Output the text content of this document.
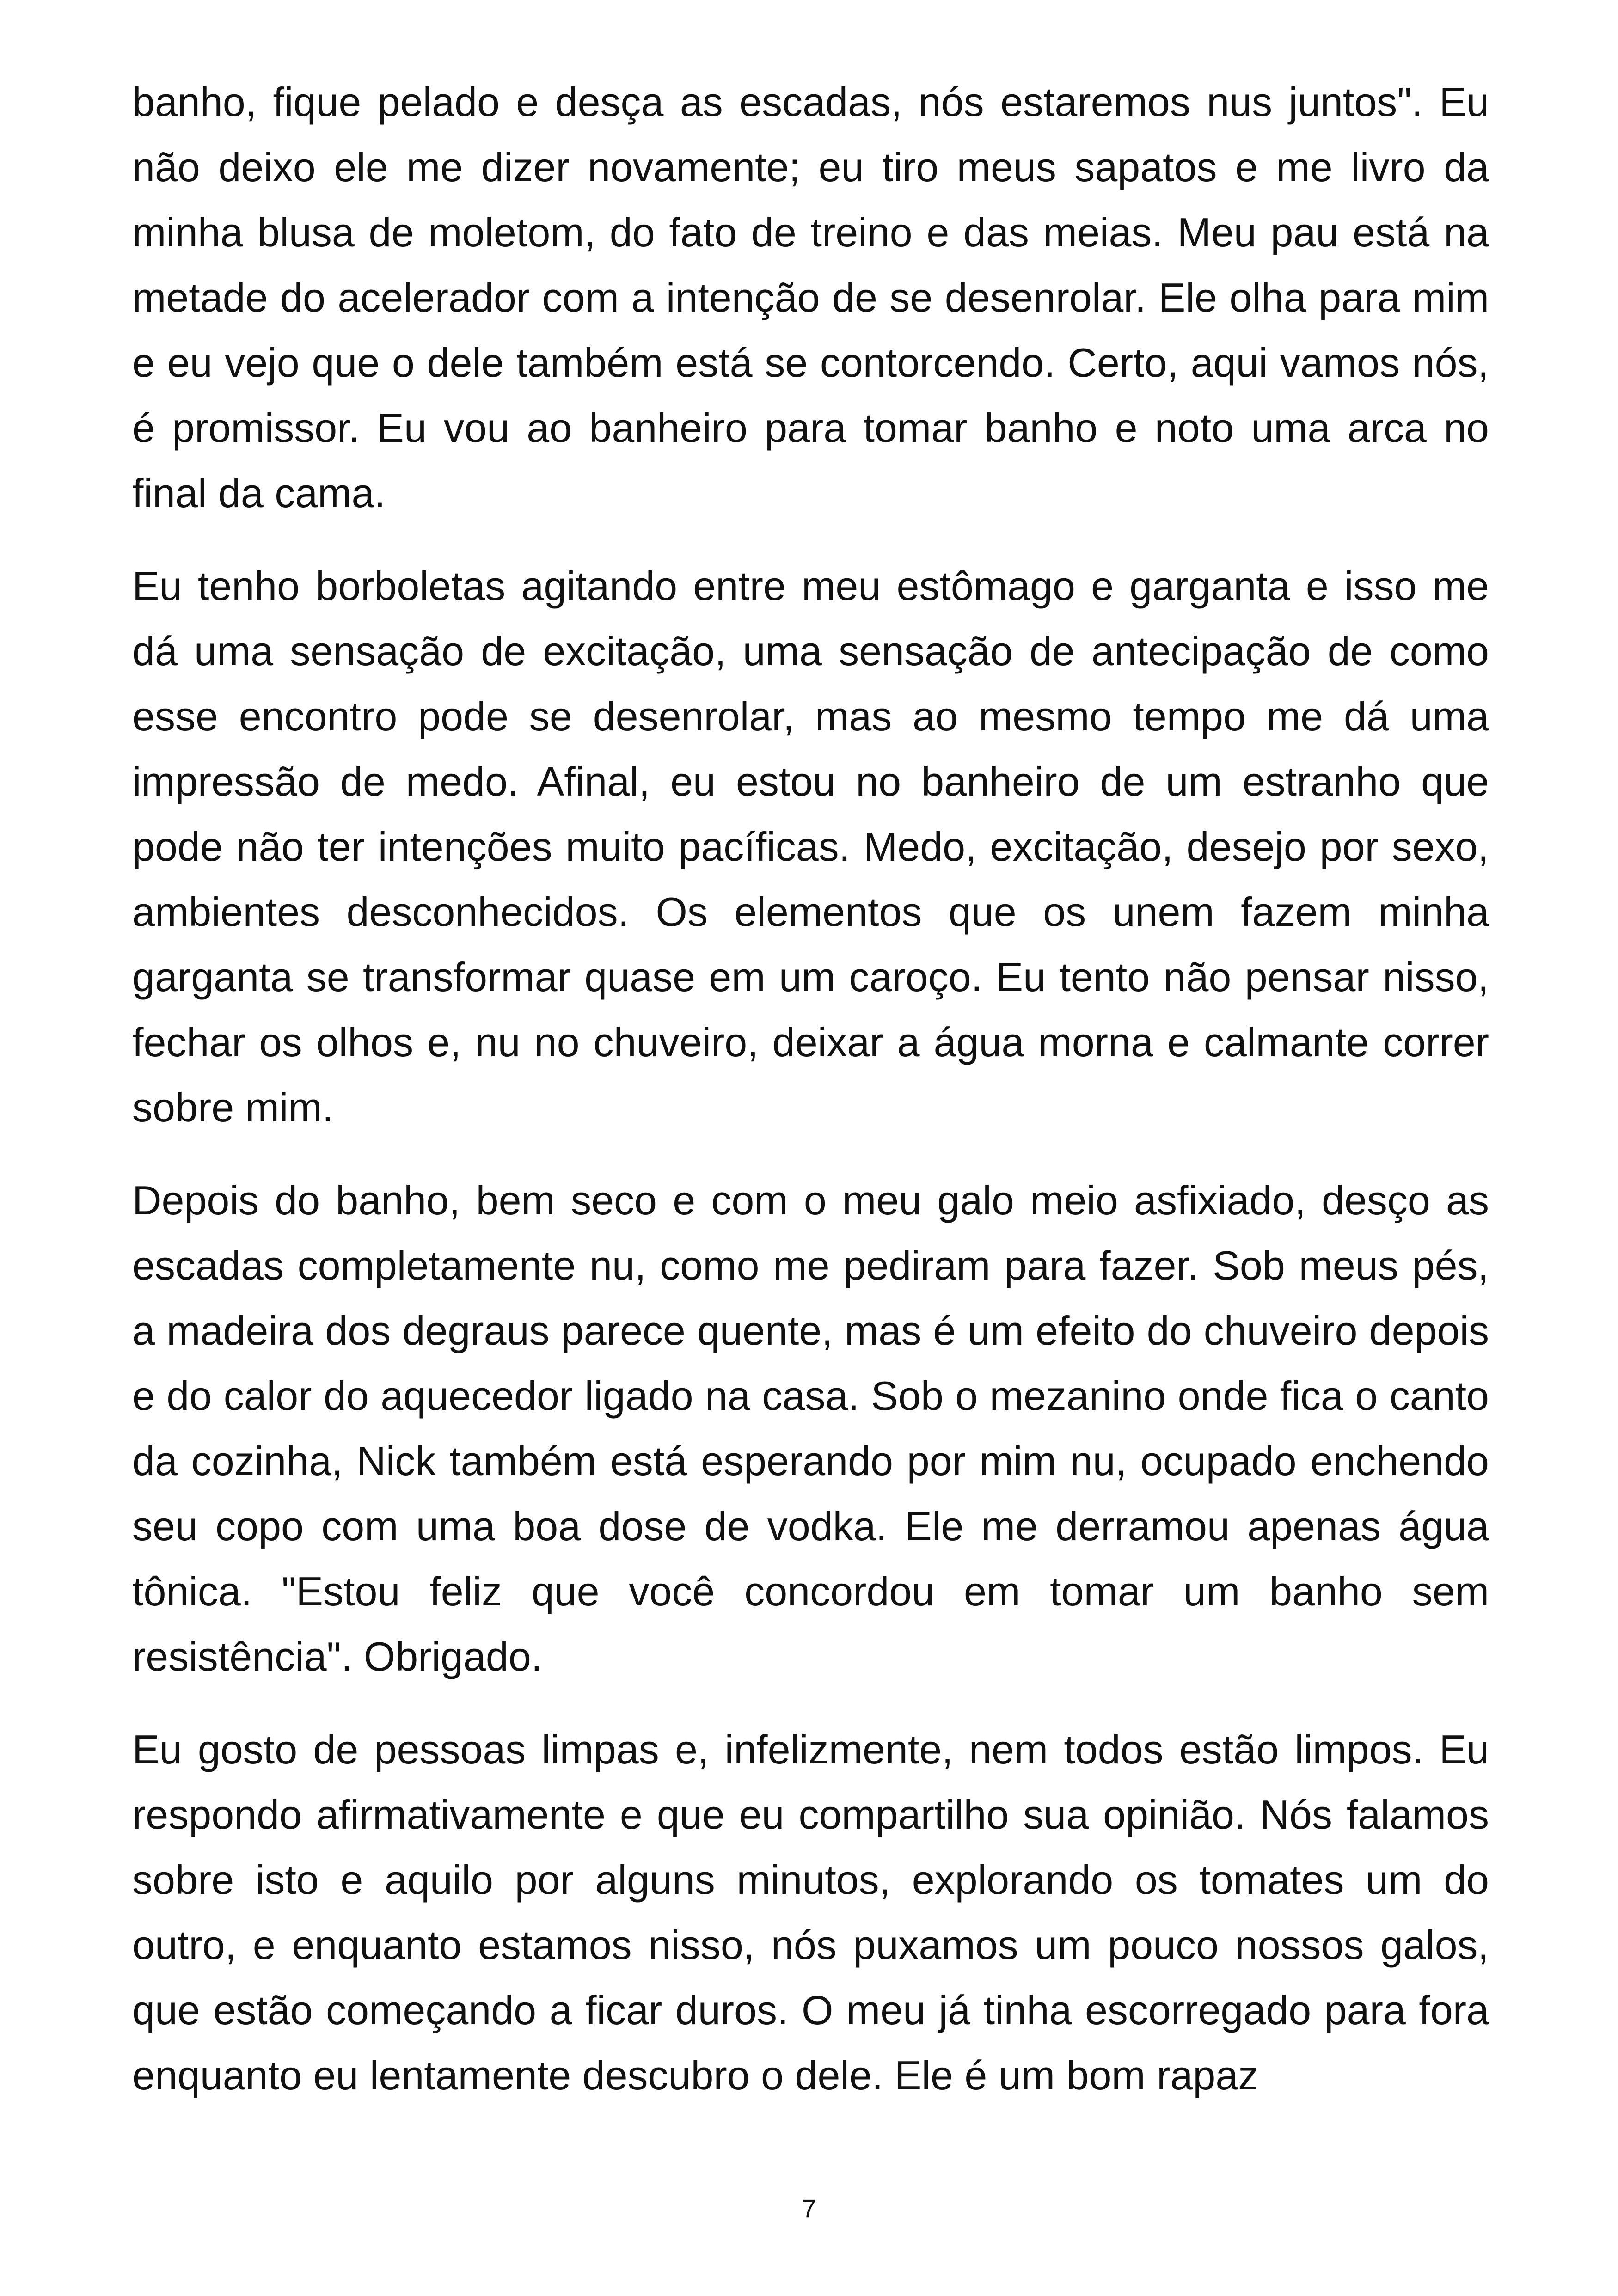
banho, fique pelado e desça as escadas, nós estaremos nus juntos". Eu não deixo ele me dizer novamente; eu tiro meus sapatos e me livro da minha blusa de moletom, do fato de treino e das meias. Meu pau está na metade do acelerador com a intenção de se desenrolar. Ele olha para mim e eu vejo que o dele também está se contorcendo. Certo, aqui vamos nós, é promissor. Eu vou ao banheiro para tomar banho e noto uma arca no final da cama.

Eu tenho borboletas agitando entre meu estômago e garganta e isso me dá uma sensação de excitação, uma sensação de antecipação de como esse encontro pode se desenrolar, mas ao mesmo tempo me dá uma impressão de medo. Afinal, eu estou no banheiro de um estranho que pode não ter intenções muito pacíficas. Medo, excitação, desejo por sexo, ambientes desconhecidos. Os elementos que os unem fazem minha garganta se transformar quase em um caroço. Eu tento não pensar nisso, fechar os olhos e, nu no chuveiro, deixar a água morna e calmante correr sobre mim.

Depois do banho, bem seco e com o meu galo meio asfixiado, desço as escadas completamente nu, como me pediram para fazer. Sob meus pés, a madeira dos degraus parece quente, mas é um efeito do chuveiro depois e do calor do aquecedor ligado na casa. Sob o mezanino onde fica o canto da cozinha, Nick também está esperando por mim nu, ocupado enchendo seu copo com uma boa dose de vodka. Ele me derramou apenas água tônica. "Estou feliz que você concordou em tomar um banho sem resistência". Obrigado.

Eu gosto de pessoas limpas e, infelizmente, nem todos estão limpos. Eu respondo afirmativamente e que eu compartilho sua opinião. Nós falamos sobre isto e aquilo por alguns minutos, explorando os tomates um do outro, e enquanto estamos nisso, nós puxamos um pouco nossos galos, que estão começando a ficar duros. O meu já tinha escorregado para fora enquanto eu lentamente descubro o dele. Ele é um bom rapaz

7
